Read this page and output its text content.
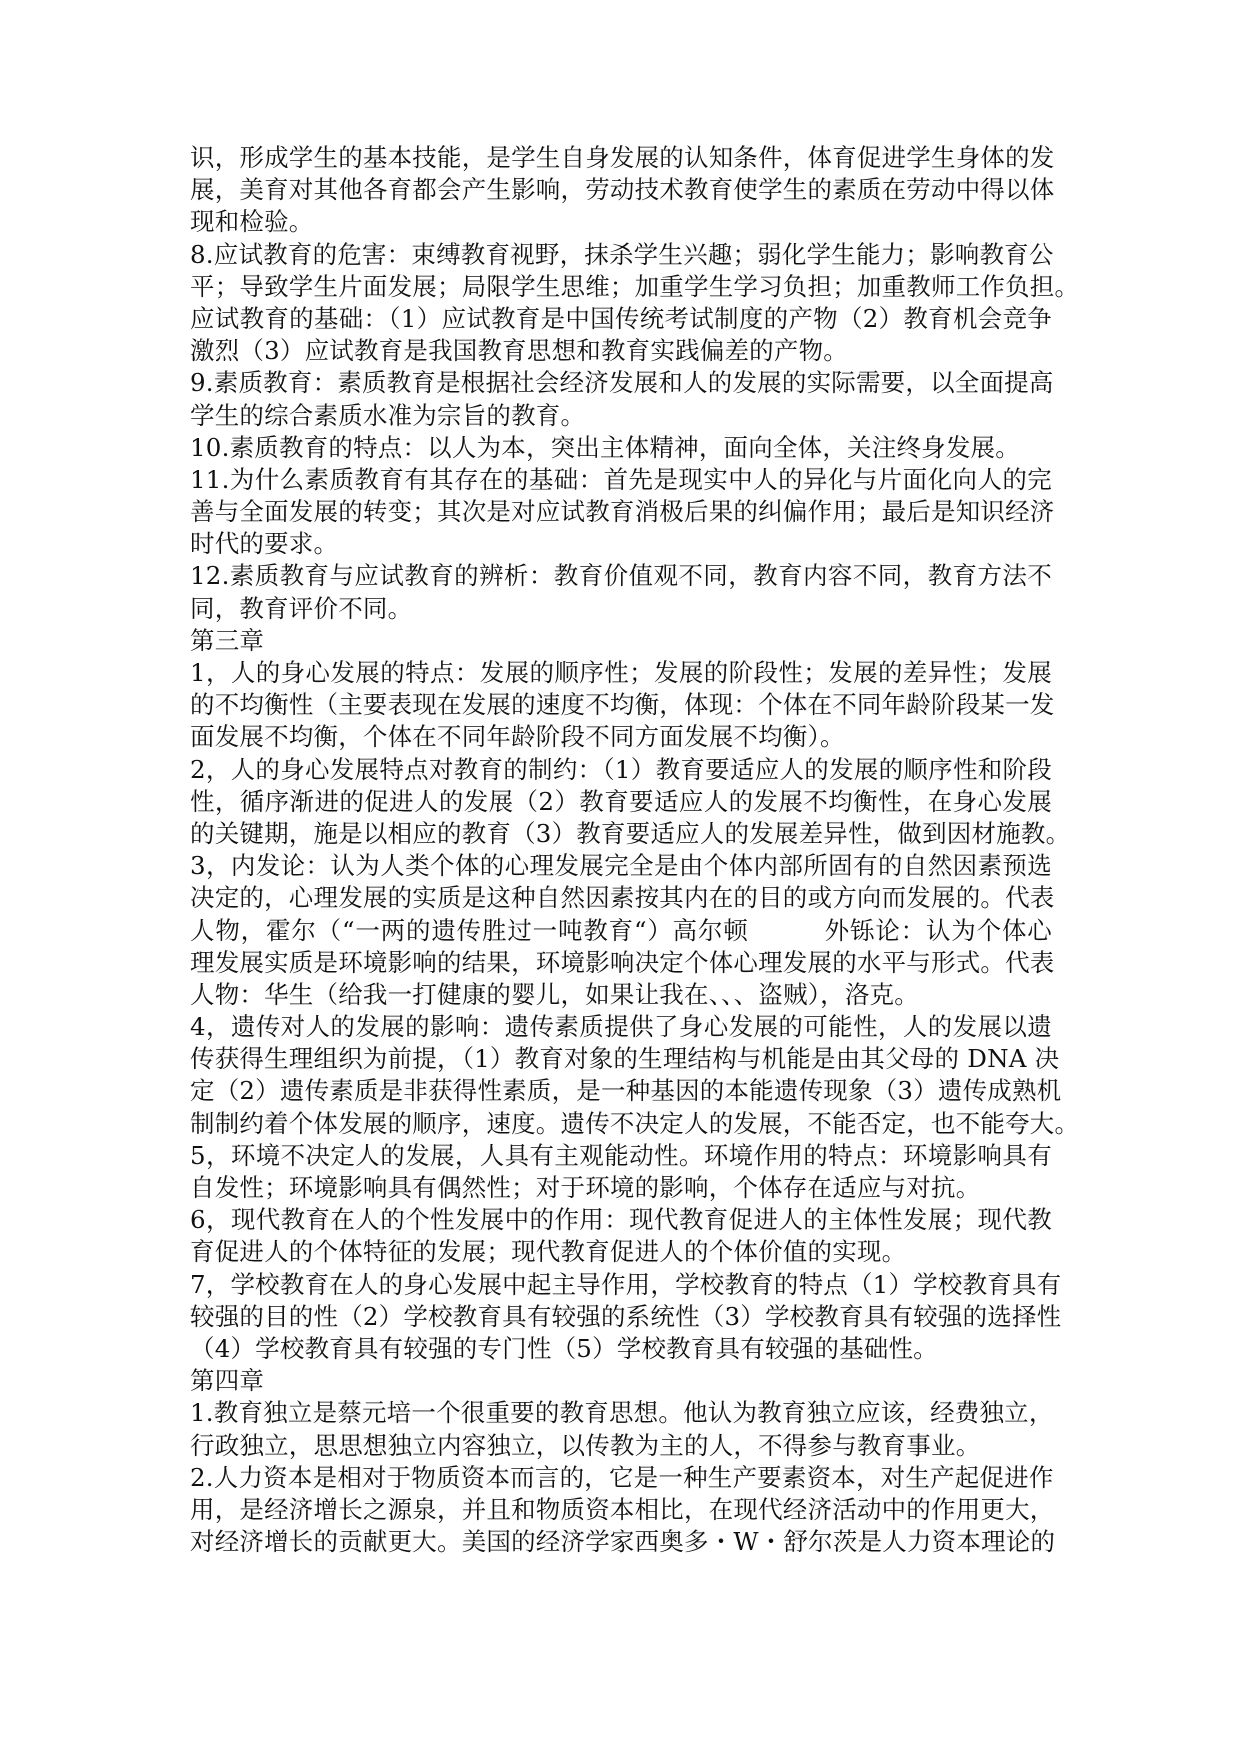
识，形成学生的基本技能，是学生自身发展的认知条件，体育促进学生身体的发
展，美育对其他各育都会产生影响，劳动技术教育使学生的素质在劳动中得以体
现和检验。
8.应试教育的危害：束缚教育视野，抹杀学生兴趣；弱化学生能力；影响教育公
平；导致学生片面发展；局限学生思维；加重学生学习负担；加重教师工作负担。
应试教育的基础：（1）应试教育是中国传统考试制度的产物（2）教育机会竞争
激烈（3）应试教育是我国教育思想和教育实践偏差的产物。
9.素质教育：素质教育是根据社会经济发展和人的发展的实际需要，以全面提高
学生的综合素质水准为宗旨的教育。
10.素质教育的特点：以人为本，突出主体精神，面向全体，关注终身发展。
11.为什么素质教育有其存在的基础：首先是现实中人的异化与片面化向人的完
善与全面发展的转变；其次是对应试教育消极后果的纠偏作用；最后是知识经济
时代的要求。
12.素质教育与应试教育的辨析：教育价值观不同，教育内容不同，教育方法不
同，教育评价不同。
第三章
1，人的身心发展的特点：发展的顺序性；发展的阶段性；发展的差异性；发展
的不均衡性（主要表现在发展的速度不均衡，体现：个体在不同年龄阶段某一发
面发展不均衡，个体在不同年龄阶段不同方面发展不均衡）。
2，人的身心发展特点对教育的制约：（1）教育要适应人的发展的顺序性和阶段
性，循序渐进的促进人的发展（2）教育要适应人的发展不均衡性，在身心发展
的关键期，施是以相应的教育（3）教育要适应人的发展差异性，做到因材施教。
3，内发论：认为人类个体的心理发展完全是由个体内部所固有的自然因素预选
决定的，心理发展的实质是这种自然因素按其内在的目的或方向而发展的。代表
人物，霍尔（“一两的遗传胜过一吨教育“）高尔顿　　　外铄论：认为个体心
理发展实质是环境影响的结果，环境影响决定个体心理发展的水平与形式。代表
人物：华生（给我一打健康的婴儿，如果让我在、、、盗贼），洛克。
4，遗传对人的发展的影响：遗传素质提供了身心发展的可能性，人的发展以遗
传获得生理组织为前提，（1）教育对象的生理结构与机能是由其父母的 DNA 决
定（2）遗传素质是非获得性素质，是一种基因的本能遗传现象（3）遗传成熟机
制制约着个体发展的顺序，速度。遗传不决定人的发展，不能否定，也不能夸大。
5，环境不决定人的发展，人具有主观能动性。环境作用的特点：环境影响具有
自发性；环境影响具有偶然性；对于环境的影响，个体存在适应与对抗。
6，现代教育在人的个性发展中的作用：现代教育促进人的主体性发展；现代教
育促进人的个体特征的发展；现代教育促进人的个体价值的实现。
7，学校教育在人的身心发展中起主导作用，学校教育的特点（1）学校教育具有
较强的目的性（2）学校教育具有较强的系统性（3）学校教育具有较强的选择性
（4）学校教育具有较强的专门性（5）学校教育具有较强的基础性。
第四章
1.教育独立是蔡元培一个很重要的教育思想。他认为教育独立应该，经费独立，
行政独立，思思想独立内容独立，以传教为主的人，不得参与教育事业。
2.人力资本是相对于物质资本而言的，它是一种生产要素资本，对生产起促进作
用，是经济增长之源泉，并且和物质资本相比，在现代经济活动中的作用更大，
对经济增长的贡献更大。美国的经济学家西奥多・W・舒尔茨是人力资本理论的
